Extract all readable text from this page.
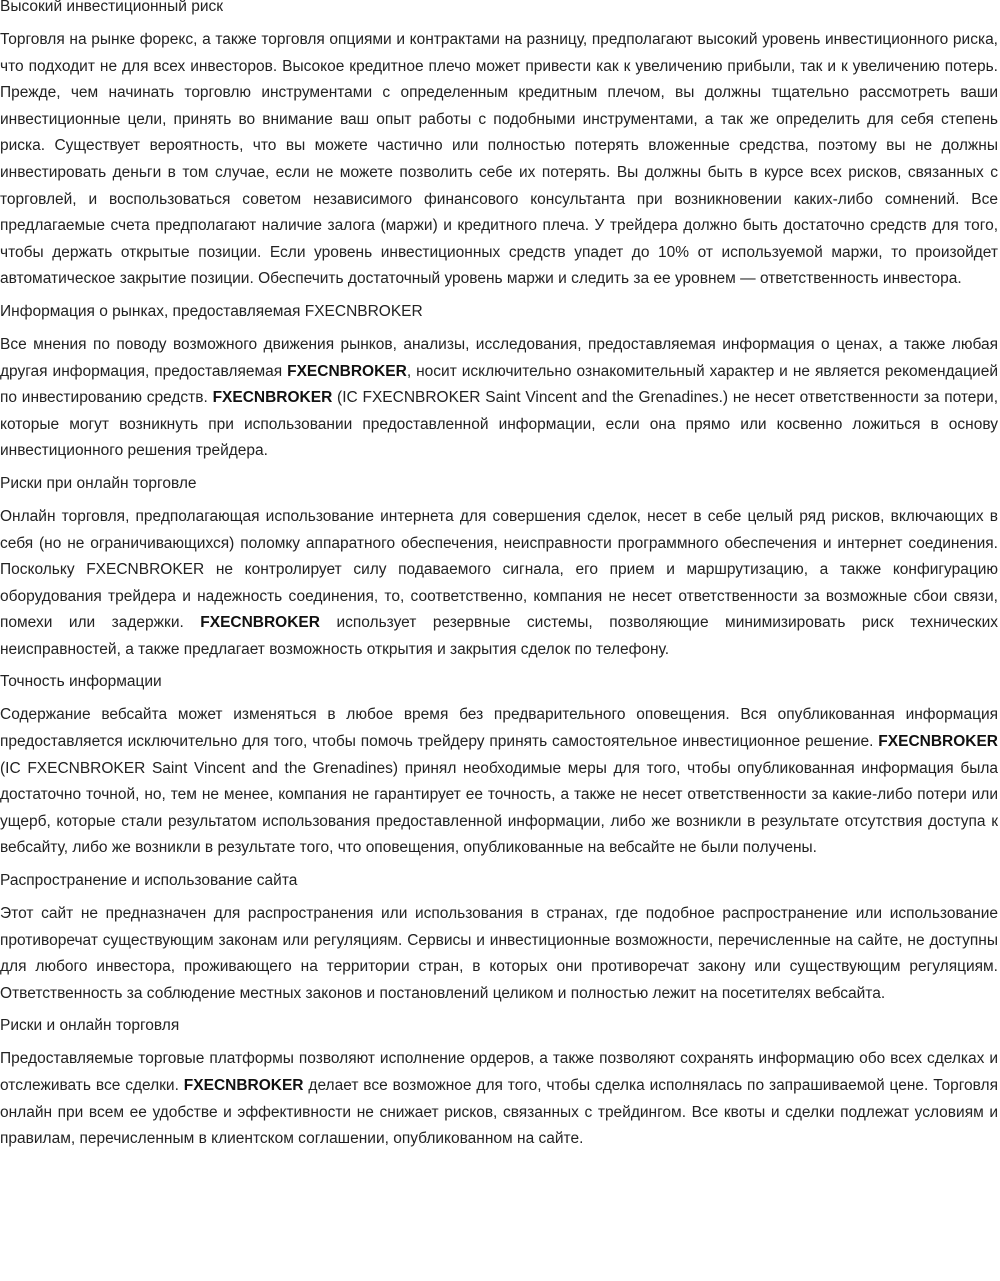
Высокий инвестиционный риск

Торговля на рынке форекс, а также торговля опциями и контрактами на разницу, предполагают высокий уровень инвестиционного риска, что подходит не для всех инвесторов. Высокое кредитное плечо может привести как к увеличению прибыли, так и к увеличению потерь. Прежде, чем начинать торговлю инструментами с определенным кредитным плечом, вы должны тщательно рассмотреть ваши инвестиционные цели, принять во внимание ваш опыт работы с подобными инструментами, а так же определить для себя степень риска. Существует вероятность, что вы можете частично или полностью потерять вложенные средства, поэтому вы не должны инвестировать деньги в том случае, если не можете позволить себе их потерять. Вы должны быть в курсе всех рисков, связанных с торговлей, и воспользоваться советом независимого финансового консультанта при возникновении каких-либо сомнений. Все предлагаемые счета предполагают наличие залога (маржи) и кредитного плеча. У трейдера должно быть достаточно средств для того, чтобы держать открытые позиции. Если уровень инвестиционных средств упадет до 10% от используемой маржи, то произойдет автоматическое закрытие позиции. Обеспечить достаточный уровень маржи и следить за ее уровнем — ответственность инвестора.

Информация о рынках, предоставляемая FXECNBROKER

Все мнения по поводу возможного движения рынков, анализы, исследования, предоставляемая информация о ценах, а также любая другая информация, предоставляемая FXECNBROKER, носит исключительно ознакомительный характер и не является рекомендацией по инвестированию средств. FXECNBROKER (IC FXECNBROKER Saint Vincent and the Grenadines.) не несет ответственности за потери, которые могут возникнуть при использовании предоставленной информации, если она прямо или косвенно ложиться в основу инвестиционного решения трейдера.

Риски при онлайн торговле

Онлайн торговля, предполагающая использование интернета для совершения сделок, несет в себе целый ряд рисков, включающих в себя (но не ограничивающихся) поломку аппаратного обеспечения, неисправности программного обеспечения и интернет соединения. Поскольку FXECNBROKER не контролирует силу подаваемого сигнала, его прием и маршрутизацию, а также конфигурацию оборудования трейдера и надежность соединения, то, соответственно, компания не несет ответственности за возможные сбои связи, помехи или задержки. FXECNBROKER использует резервные системы, позволяющие минимизировать риск технических неисправностей, а также предлагает возможность открытия и закрытия сделок по телефону.

Точность информации

Содержание вебсайта может изменяться в любое время без предварительного оповещения. Вся опубликованная информация предоставляется исключительно для того, чтобы помочь трейдеру принять самостоятельное инвестиционное решение. FXECNBROKER (IC FXECNBROKER Saint Vincent and the Grenadines) принял необходимые меры для того, чтобы опубликованная информация была достаточно точной, но, тем не менее, компания не гарантирует ее точность, а также не несет ответственности за какие-либо потери или ущерб, которые стали результатом использования предоставленной информации, либо же возникли в результате отсутствия доступа к вебсайту, либо же возникли в результате того, что оповещения, опубликованные на вебсайте не были получены.

Распространение и использование сайта

Этот сайт не предназначен для распространения или использования в странах, где подобное распространение или использование противоречат существующим законам или регуляциям. Сервисы и инвестиционные возможности, перечисленные на сайте, не доступны для любого инвестора, проживающего на территории стран, в которых они противоречат закону или существующим регуляциям. Ответственность за соблюдение местных законов и постановлений целиком и полностью лежит на посетителях вебсайта.

Риски и онлайн торговля

Предоставляемые торговые платформы позволяют исполнение ордеров, а также позволяют сохранять информацию обо всех сделках и отслеживать все сделки. FXECNBROKER делает все возможное для того, чтобы сделка исполнялась по запрашиваемой цене. Торговля онлайн при всем ее удобстве и эффективности не снижает рисков, связанных с трейдингом. Все квоты и сделки подлежат условиям и правилам, перечисленным в клиентском соглашении, опубликованном на сайте.
